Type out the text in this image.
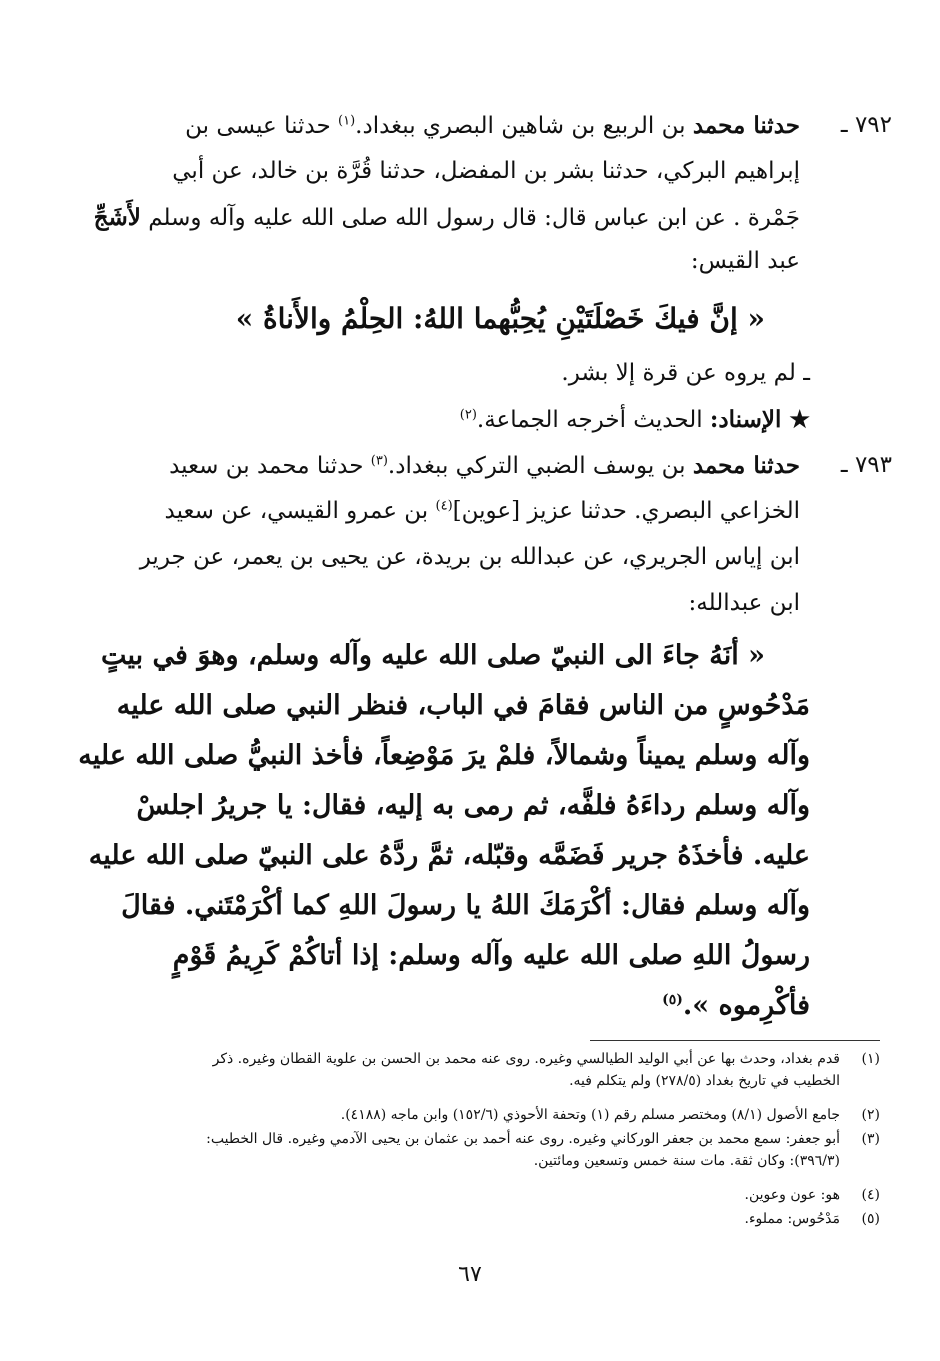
٧٩٢ ـ
حدثنا محمد بن الربيع بن شاهين البصري ببغداد.$^{(١)}$ حدثنا عيسى بن
إبراهيم البركي، حدثنا بشر بن المفضل، حدثنا قُرَّة بن خالد، عن أبي
جَمْرة . عن ابن عباس قال: قال رسول الله صلى الله عليه وآله وسلم لأَشَجِّ
عبد القيس:
« إنَّ فيكَ خَصْلَتَيْنِ يُحِبُّهما اللهُ: الحِلْمُ والأَناةُ »
ـ لم يروه عن قرة إلا بشر.
★ الإسناد: الحديث أخرجه الجماعة.$^{(٢)}$
٧٩٣ ـ
حدثنا محمد بن يوسف الضبي التركي ببغداد.$^{(٣)}$ حدثنا محمد بن سعيد
الخزاعي البصري. حدثنا عزيز [عوين]$^{(٤)}$ بن عمرو القيسي، عن سعيد
ابن إياس الجريري، عن عبدالله بن بريدة، عن يحيى بن يعمر، عن جرير
ابن عبدالله:
« أنَهُ جاءَ الى النبيّ صلى الله عليه وآله وسلم، وهوَ في بيتٍ
مَدْحُوسٍ من الناس فقامَ في الباب، فنظر النبي صلى الله عليه
وآله وسلم يميناً وشمالاً، فلمْ يرَ مَوْضِعاً، فأخذ النبيُّ صلى الله عليه
وآله وسلم رداءَهُ فلفَّه، ثم رمى به إليه، فقال: يا جريرُ اجلسْ
عليه. فأخذَهُ جرير فَضَمَّه وقبّله، ثمَّ ردَّهُ على النبيّ صلى الله عليه
وآله وسلم فقال: أكْرَمَكَ اللهُ يا رسولَ اللهِ كما أكْرَمْتَني. فقالَ
رسولُ اللهِ صلى الله عليه وآله وسلم: إذا أتاكُمْ كَرِيمُ قَوْمٍ
فأكْرِموه ».$^{(٥)}$
(١)قدم بغداد، وحدث بها عن أبي الوليد الطيالسي وغيره. روى عنه محمد بن الحسن بن علوية القطان وغيره. ذكر
الخطيب في تاريخ بغداد (٢٧٨/٥) ولم يتكلم فيه.
(٢)جامع الأصول (٨/١) ومختصر مسلم رقم (١) وتحفة الأحوذي (١٥٢/٦) وابن ماجه (٤١٨٨).
(٣)أبو جعفر: سمع محمد بن جعفر الوركاني وغيره. روى عنه أحمد بن عثمان بن يحيى الآدمي وغيره. قال الخطيب:
(٣٩٦/٣): وكان ثقة. مات سنة خمس وتسعين ومائتين.
(٤)هو: عون وعوين.
(٥)مَدْحُوس: مملوء.
٦٧
